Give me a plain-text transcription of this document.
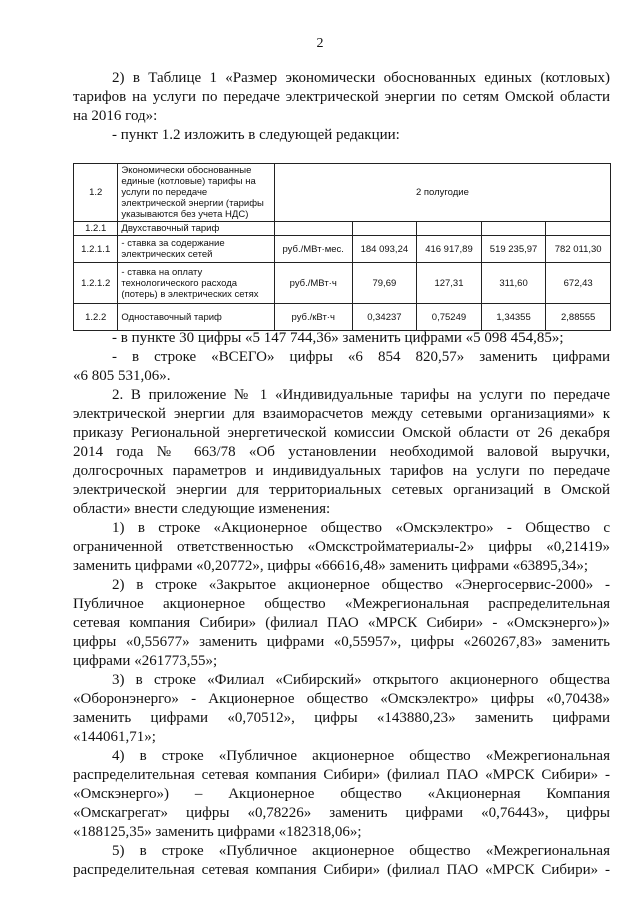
2
2) в Таблице 1 «Размер экономически обоснованных единых (котловых)
тарифов на услуги по передаче электрической энергии по сетям Омской области
на 2016 год»:
- пункт 1.2 изложить в следующей редакции:
1.2	Экономически обоснованные единые (котловые) тарифы на услуги по передаче электрической энергии (тарифы указываются без учета НДС)	2 полугодие				
1.2.1	Двухставочный тариф					
1.2.1.1	- ставка за содержание электрических сетей	руб./МВт·мес.	184 093,24	416 917,89	519 235,97	782 011,30
1.2.1.2	- ставка на оплату технологического расхода (потерь) в электрических сетях	руб./МВт·ч	79,69	127,31	311,60	672,43
1.2.2	Одноставочный тариф	руб./кВт·ч	0,34237	0,75249	1,34355	2,88555
- в пункте 30 цифры «5 147 744,36» заменить цифрами «5 098 454,85»;
- в строке «ВСЕГО» цифры «6 854 820,57» заменить цифрами
«6 805 531,06».
2. В приложение № 1 «Индивидуальные тарифы на услуги по передаче
электрической энергии для взаиморасчетов между сетевыми организациями» к
приказу Региональной энергетической комиссии Омской области от 26 декабря
2014 года № 663/78 «Об установлении необходимой валовой выручки,
долгосрочных параметров и индивидуальных тарифов на услуги по передаче
электрической энергии для территориальных сетевых организаций в Омской
области» внести следующие изменения:
1) в строке «Акционерное общество «Омскэлектро» - Общество с
ограниченной ответственностью «Омскстройматериалы-2» цифры «0,21419»
заменить цифрами «0,20772», цифры «66616,48» заменить цифрами «63895,34»;
2) в строке «Закрытое акционерное общество «Энергосервис-2000» -
Публичное акционерное общество «Межрегиональная распределительная
сетевая компания Сибири» (филиал ПАО «МРСК Сибири» - «Омскэнерго»)»
цифры «0,55677» заменить цифрами «0,55957», цифры «260267,83» заменить
цифрами «261773,55»;
3) в строке «Филиал «Сибирский» открытого акционерного общества
«Оборонэнерго» - Акционерное общество «Омскэлектро» цифры «0,70438»
заменить цифрами «0,70512», цифры «143880,23» заменить цифрами
«144061,71»;
4) в строке «Публичное акционерное общество «Межрегиональная
распределительная сетевая компания Сибири» (филиал ПАО «МРСК Сибири» -
«Омскэнерго») – Акционерное общество «Акционерная Компания
«Омскагрегат» цифры «0,78226» заменить цифрами «0,76443», цифры
«188125,35» заменить цифрами «182318,06»;
5) в строке «Публичное акционерное общество «Межрегиональная
распределительная сетевая компания Сибири» (филиал ПАО «МРСК Сибири» -
